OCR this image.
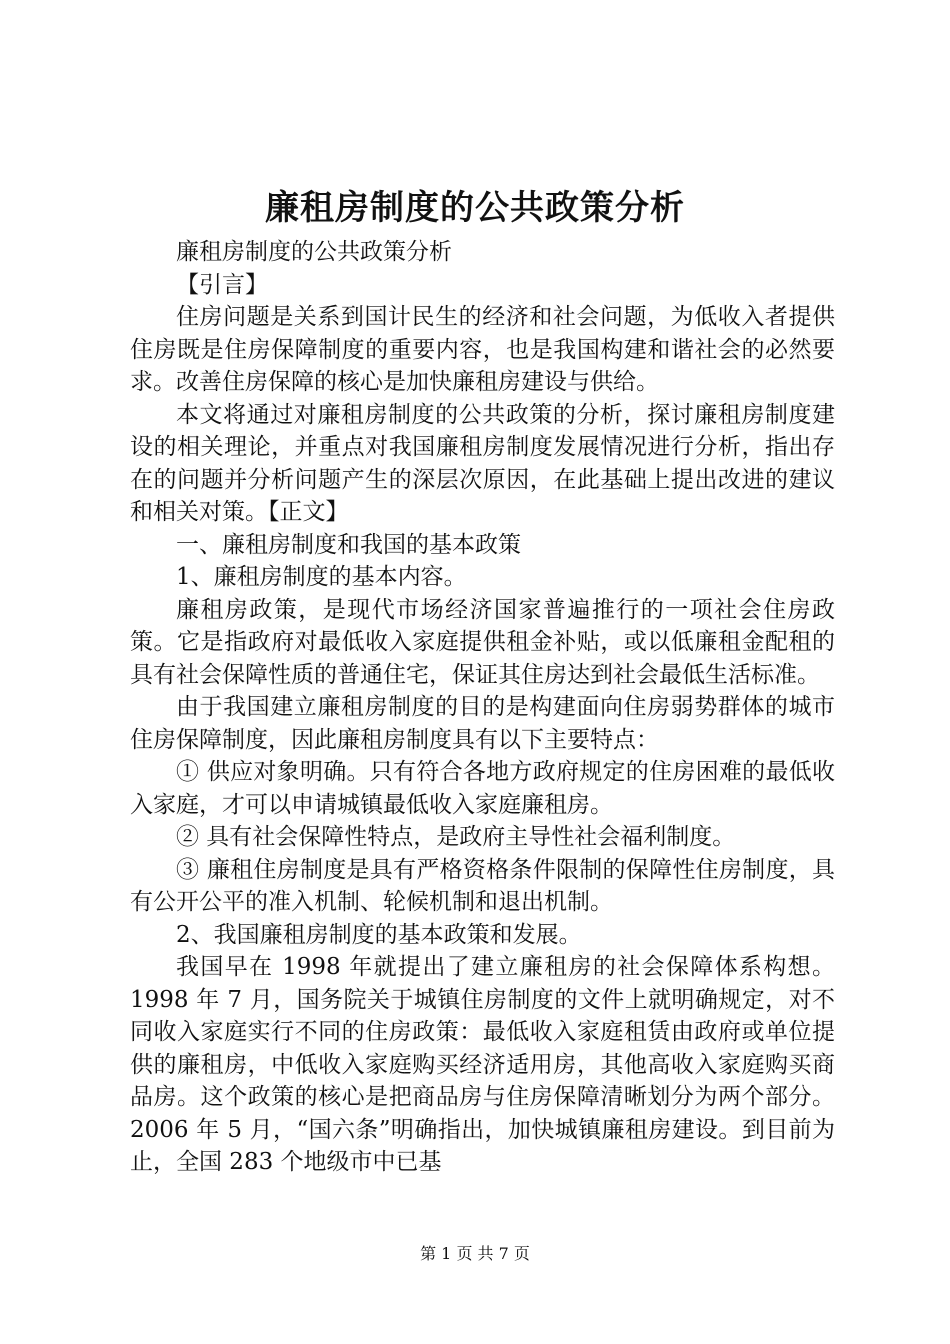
廉租房制度的公共政策分析

廉租房制度的公共政策分析

【引言】

住房问题是关系到国计民生的经济和社会问题，为低收入者提供住房既是住房保障制度的重要内容，也是我国构建和谐社会的必然要求。改善住房保障的核心是加快廉租房建设与供给。

本文将通过对廉租房制度的公共政策的分析，探讨廉租房制度建设的相关理论，并重点对我国廉租房制度发展情况进行分析，指出存在的问题并分析问题产生的深层次原因，在此基础上提出改进的建议和相关对策。【正文】

一、廉租房制度和我国的基本政策

1、廉租房制度的基本内容。

廉租房政策，是现代市场经济国家普遍推行的一项社会住房政策。它是指政府对最低收入家庭提供租金补贴，或以低廉租金配租的具有社会保障性质的普通住宅，保证其住房达到社会最低生活标准。

由于我国建立廉租房制度的目的是构建面向住房弱势群体的城市住房保障制度，因此廉租房制度具有以下主要特点：

① 供应对象明确。只有符合各地方政府规定的住房困难的最低收入家庭，才可以申请城镇最低收入家庭廉租房。

② 具有社会保障性特点，是政府主导性社会福利制度。

③ 廉租住房制度是具有严格资格条件限制的保障性住房制度，具有公开公平的准入机制、轮候机制和退出机制。

2、我国廉租房制度的基本政策和发展。

我国早在 1998 年就提出了建立廉租房的社会保障体系构想。1998 年 7 月，国务院关于城镇住房制度的文件上就明确规定，对不同收入家庭实行不同的住房政策：最低收入家庭租赁由政府或单位提供的廉租房，中低收入家庭购买经济适用房，其他高收入家庭购买商品房。这个政策的核心是把商品房与住房保障清晰划分为两个部分。2006 年 5 月，“国六条”明确指出，加快城镇廉租房建设。到目前为止，全国 283 个地级市中已基

第 1 页 共 7 页
